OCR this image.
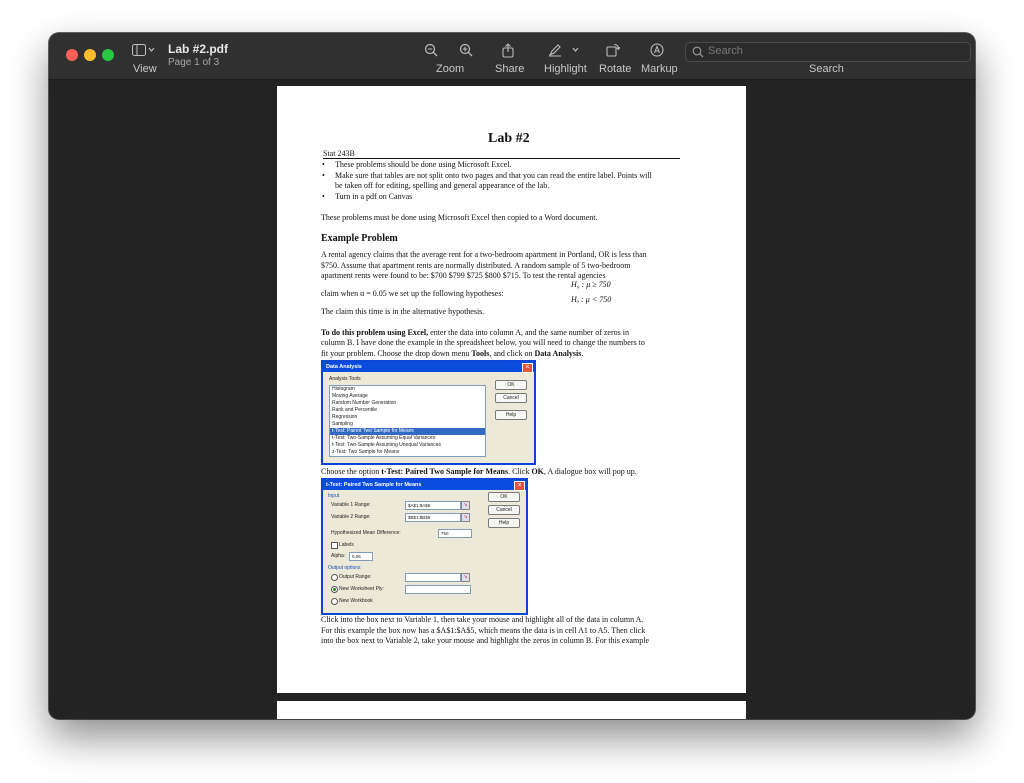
View
Lab #2.pdf
Page 1 of 3
Zoom	Share Highlight Rotate Markup
Search
Search
Lab #2
Stat 243B
• These problems should be done using Microsoft Excel.
• Make sure that tables are not split onto two pages and that you can read the entire label. Points will
be taken off for editing, spelling and general appearance of the lab.
• Turn in a pdf on Canvas
These problems must be done using Microsoft Excel then copied to a Word document.
Example Problem
A rental agency claims that the average rent for a two-bedroom apartment in Portland, OR is less than
$750. Assume that apartment rents are normally distributed. A random sample of 5 two-bedroom
apartment rents were found to be: $700 $799 $725 $800 $715. To test the rental agencies
H₀ : μ ≥ 750
claim when α = 0.05 we set up the following hypotheses:
Hₐ : μ < 750
The claim this time is in the alternative hypothesis.
To do this problem using Excel, enter the data into column A, and the same number of zeros in
column B. I have done the example in the spreadsheet below, you will need to change the numbers to
fit your problem. Choose the drop down menu Tools, and click on Data Analysis.
Data Analysis	×
Analysis Tools
Histogram
Moving Average
Random Number Generation
Rank and Percentile
Regression
Sampling
t-Test: Paired Two Sample for Means
t-Test: Two-Sample Assuming Equal Variances
t-Test: Two-Sample Assuming Unequal Variances
z-Test: Two Sample for Means
OK
Cancel
Help
Choose the option t-Test: Paired Two Sample for Means. Click OK, A dialogue box will pop up.
t-Test: Paired Two Sample for Means	×
Input
Variable 1 Range:	$A$1:$A$5	↘
Variable 2 Range:	$B$1:$B$5	↘
Hypothesized Mean Difference:	750
Labels
Alpha:	0.05
Output options
Output Range:	↘
New Worksheet Ply:
New Workbook
OK
Cancel
Help
Click into the box next to Variable 1, then take your mouse and highlight all of the data in column A.
For this example the box now has a $A$1:$A$5, which means the data is in cell A1 to A5. Then click
into the box next to Variable 2, take your mouse and highlight the zeros in column B. For this example
